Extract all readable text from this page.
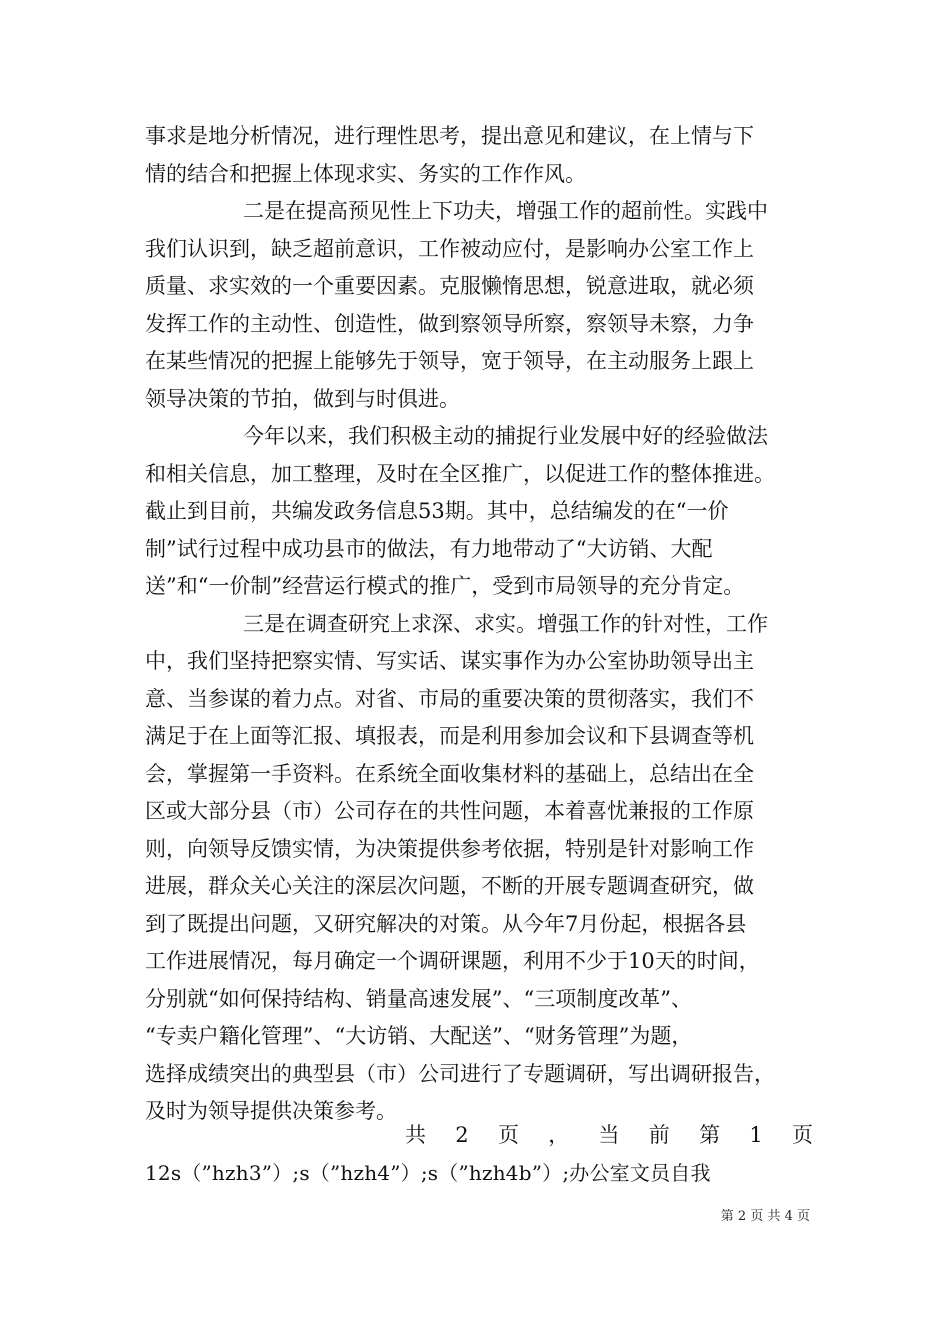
事求是地分析情况，进行理性思考，提出意见和建议，在上情与下
情的结合和把握上体现求实、务实的工作作风。

二是在提高预见性上下功夫，增强工作的超前性。实践中
我们认识到，缺乏超前意识，工作被动应付，是影响办公室工作上
质量、求实效的一个重要因素。克服懒惰思想，锐意进取，就必须
发挥工作的主动性、创造性，做到察领导所察，察领导未察，力争
在某些情况的把握上能够先于领导，宽于领导，在主动服务上跟上
领导决策的节拍，做到与时俱进。

今年以来，我们积极主动的捕捉行业发展中好的经验做法
和相关信息，加工整理，及时在全区推广，以促进工作的整体推进。
截止到目前，共编发政务信息53期。其中，总结编发的在“一价
制”试行过程中成功县市的做法，有力地带动了“大访销、大配
送”和“一价制”经营运行模式的推广，受到市局领导的充分肯定。

三是在调查研究上求深、求实。增强工作的针对性，工作
中，我们坚持把察实情、写实话、谋实事作为办公室协助领导出主
意、当参谋的着力点。对省、市局的重要决策的贯彻落实，我们不
满足于在上面等汇报、填报表，而是利用参加会议和下县调查等机
会，掌握第一手资料。在系统全面收集材料的基础上，总结出在全
区或大部分县（市）公司存在的共性问题，本着喜忧兼报的工作原
则，向领导反馈实情，为决策提供参考依据，特别是针对影响工作
进展，群众关心关注的深层次问题，不断的开展专题调查研究，做
到了既提出问题，又研究解决的对策。从今年7月份起，根据各县
工作进展情况，每月确定一个调研课题，利用不少于10天的时间，
分别就“如何保持结构、销量高速发展”、“三项制度改革”、
“专卖户籍化管理”、“大访销、大配送”、“财务管理”为题，
选择成绩突出的典型县（市）公司进行了专题调研，写出调研报告，
及时为领导提供决策参考。

共 2 页 ， 当 前 第 1 页
12s（”hzh3”）;s（”hzh4”）;s（”hzh4b”）;办公室文员自我
第 2 页 共 4 页
